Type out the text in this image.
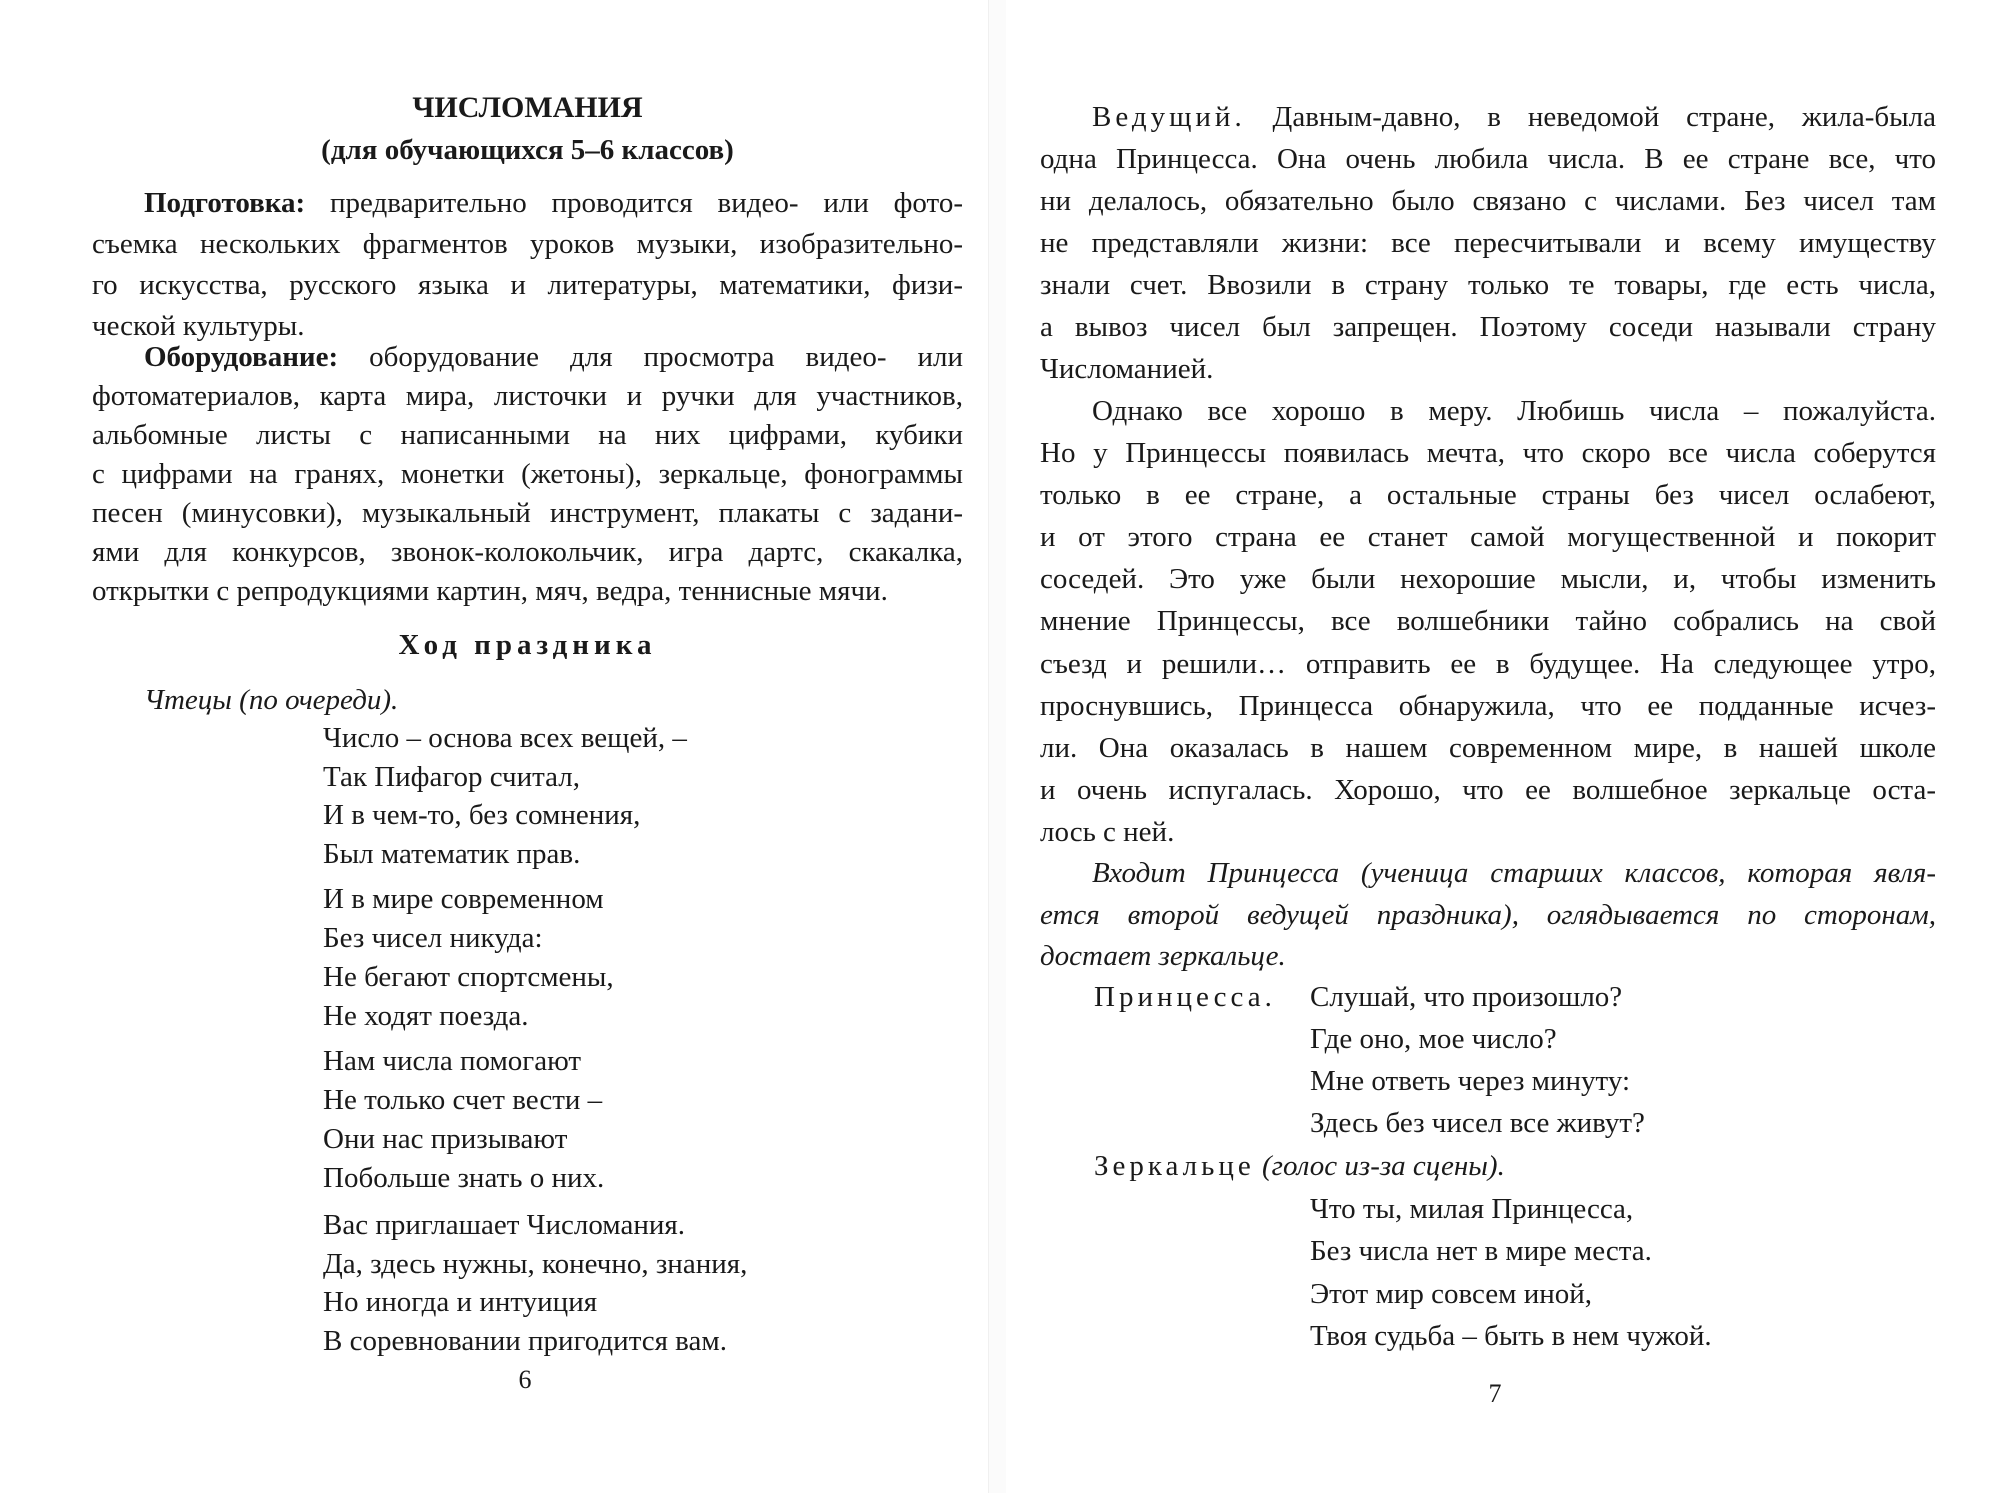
ЧИСЛОМАНИЯ
(для обучающихся 5–6 классов)
Подготовка: предварительно проводится видео- или фото-
съемка нескольких фрагментов уроков музыки, изобразительно-
го искусства, русского языка и литературы, математики, физи-
ческой культуры.
Оборудование: оборудование для просмотра видео- или
фотоматериалов, карта мира, листочки и ручки для участников,
альбомные листы с написанными на них цифрами, кубики
с цифрами на гранях, монетки (жетоны), зеркальце, фонограммы
песен (минусовки), музыкальный инструмент, плакаты с задани-
ями для конкурсов, звонок-колокольчик, игра дартс, скакалка,
открытки с репродукциями картин, мяч, ведра, теннисные мячи.
Ход праздника
Чтецы (по очереди).
Число – основа всех вещей, –
Так Пифагор считал,
И в чем-то, без сомнения,
Был математик прав.
И в мире современном
Без чисел никуда:
Не бегают спортсмены,
Не ходят поезда.
Нам числа помогают
Не только счет вести –
Они нас призывают
Побольше знать о них.
Вас приглашает Числомания.
Да, здесь нужны, конечно, знания,
Но иногда и интуиция
В соревновании пригодится вам.
6
Ведущий. Давным-давно, в неведомой стране, жила-была
одна Принцесса. Она очень любила числа. В ее стране все, что
ни делалось, обязательно было связано с числами. Без чисел там
не представляли жизни: все пересчитывали и всему имуществу
знали счет. Ввозили в страну только те товары, где есть числа,
а вывоз чисел был запрещен. Поэтому соседи называли страну
Числоманией.
Однако все хорошо в меру. Любишь числа – пожалуйста.
Но у Принцессы появилась мечта, что скоро все числа соберутся
только в ее стране, а остальные страны без чисел ослабеют,
и от этого страна ее станет самой могущественной и покорит
соседей. Это уже были нехорошие мысли, и, чтобы изменить
мнение Принцессы, все волшебники тайно собрались на свой
съезд и решили… отправить ее в будущее. На следующее утро,
проснувшись, Принцесса обнаружила, что ее подданные исчез-
ли. Она оказалась в нашем современном мире, в нашей школе
и очень испугалась. Хорошо, что ее волшебное зеркальце оста-
лось с ней.
Входит Принцесса (ученица старших классов, которая явля-
ется второй ведущей праздника), оглядывается по сторонам,
достает зеркальце.
Принцесса. Слушай, что произошло?
Где оно, мое число?
Мне ответь через минуту:
Здесь без чисел все живут?
Зеркальце (голос из-за сцены).
Что ты, милая Принцесса,
Без числа нет в мире места.
Этот мир совсем иной,
Твоя судьба – быть в нем чужой.
7
